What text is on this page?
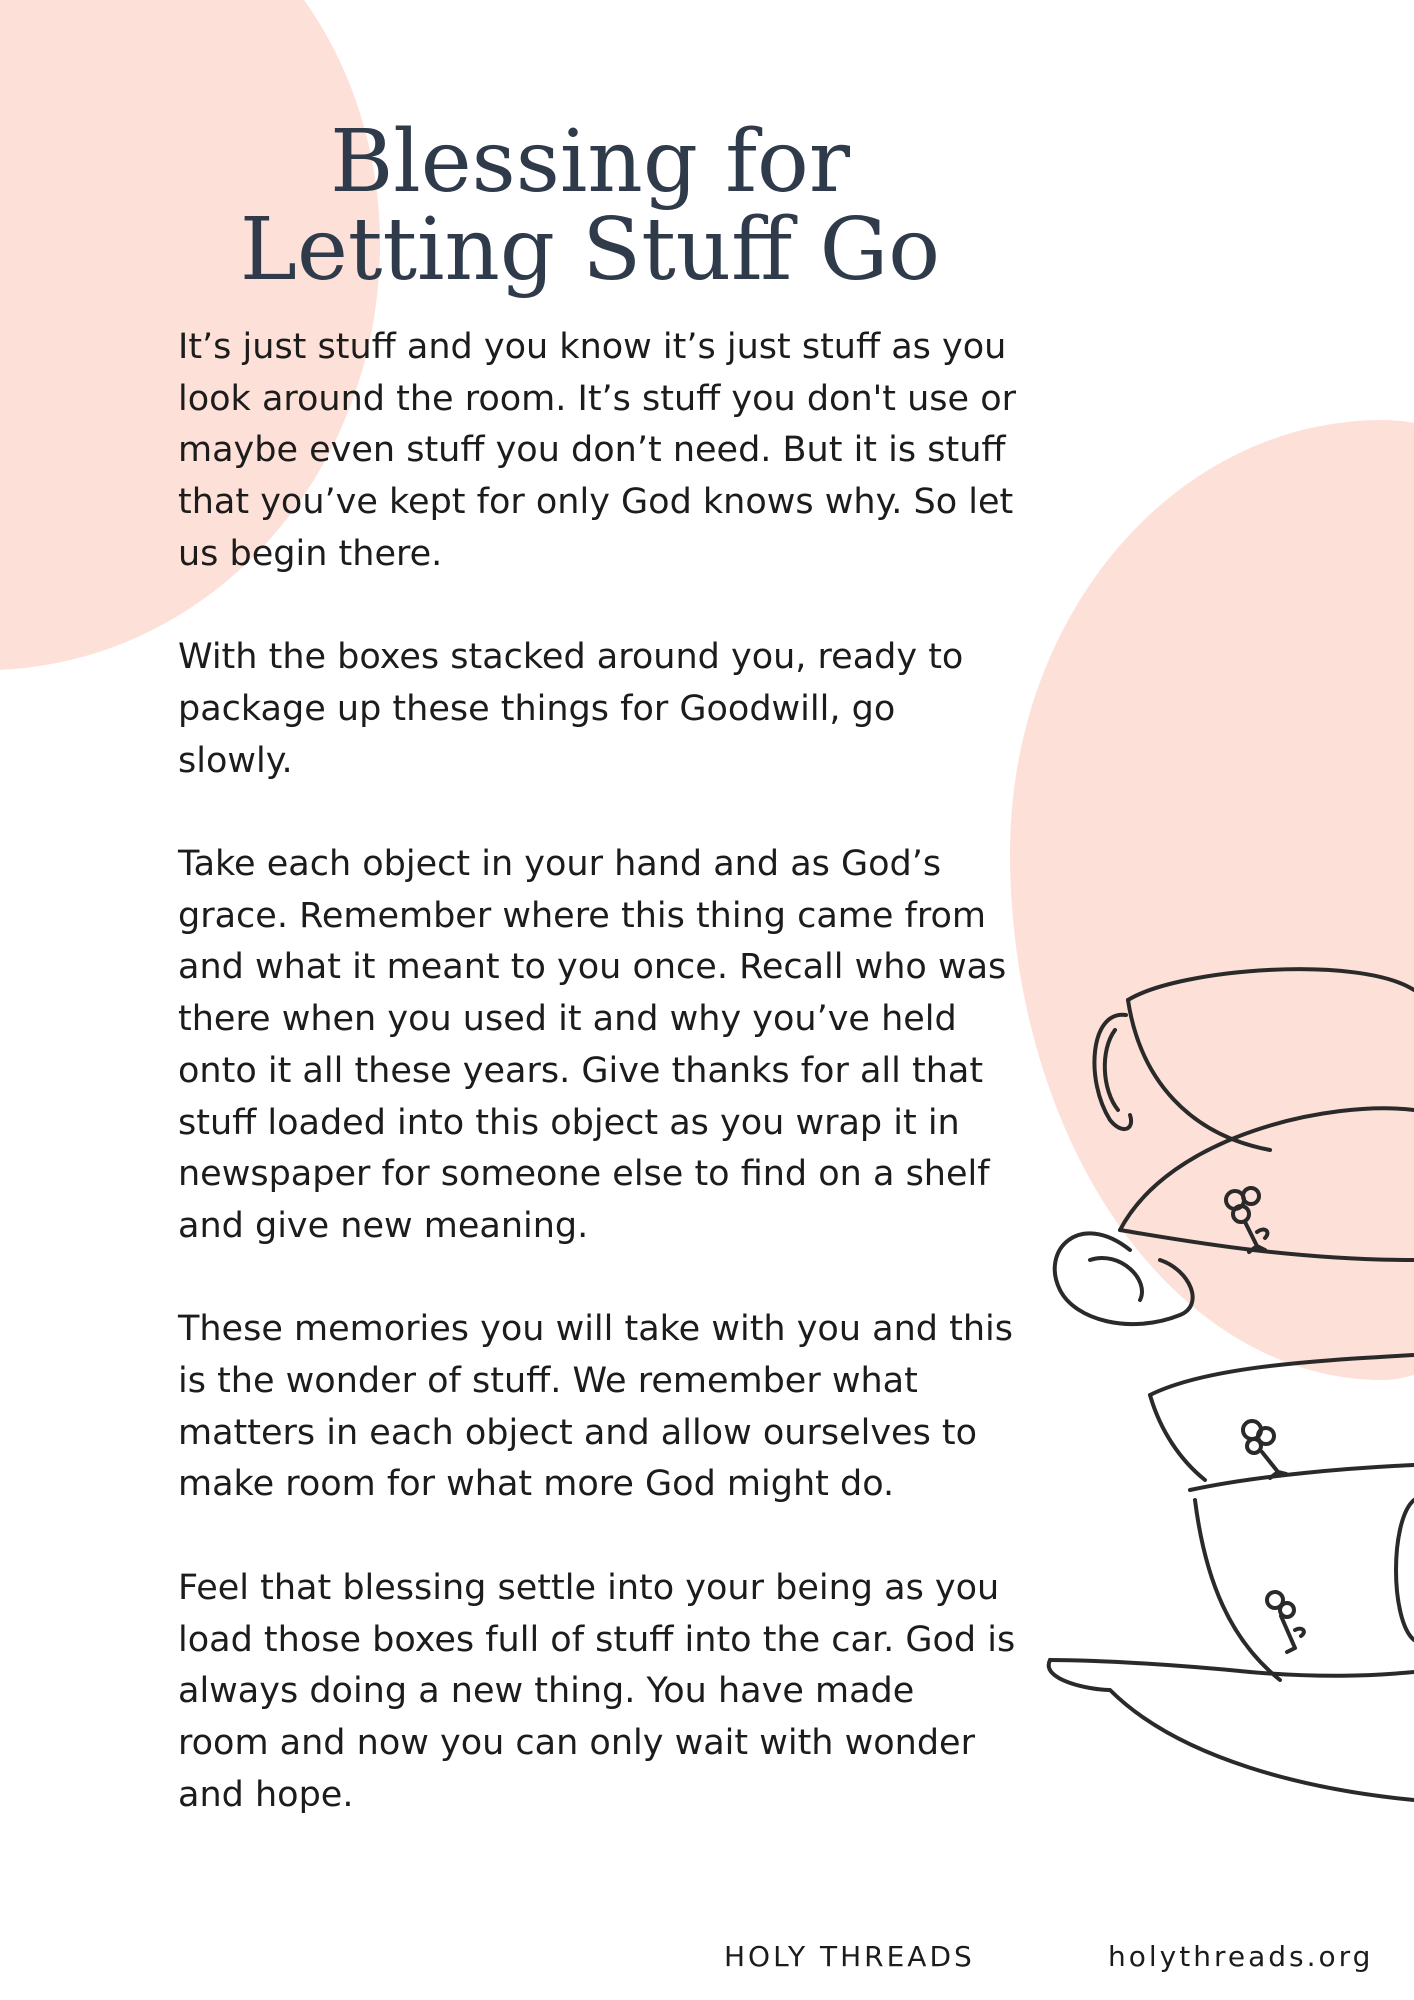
Blessing for
Letting Stuff Go

It’s just stuff and you know it’s just stuff as you
look around the room. It’s stuff you don't use or
maybe even stuff you don’t need. But it is stuff
that you’ve kept for only God knows why. So let
us begin there.

With the boxes stacked around you, ready to
package up these things for Goodwill, go
slowly.

Take each object in your hand and as God’s
grace. Remember where this thing came from
and what it meant to you once. Recall who was
there when you used it and why you’ve held
onto it all these years. Give thanks for all that
stuff loaded into this object as you wrap it in
newspaper for someone else to find on a shelf
and give new meaning.

These memories you will take with you and this
is the wonder of stuff. We remember what
matters in each object and allow ourselves to
make room for what more God might do.

Feel that blessing settle into your being as you
load those boxes full of stuff into the car. God is
always doing a new thing. You have made
room and now you can only wait with wonder
and hope.

HOLY THREADS	holythreads.org
